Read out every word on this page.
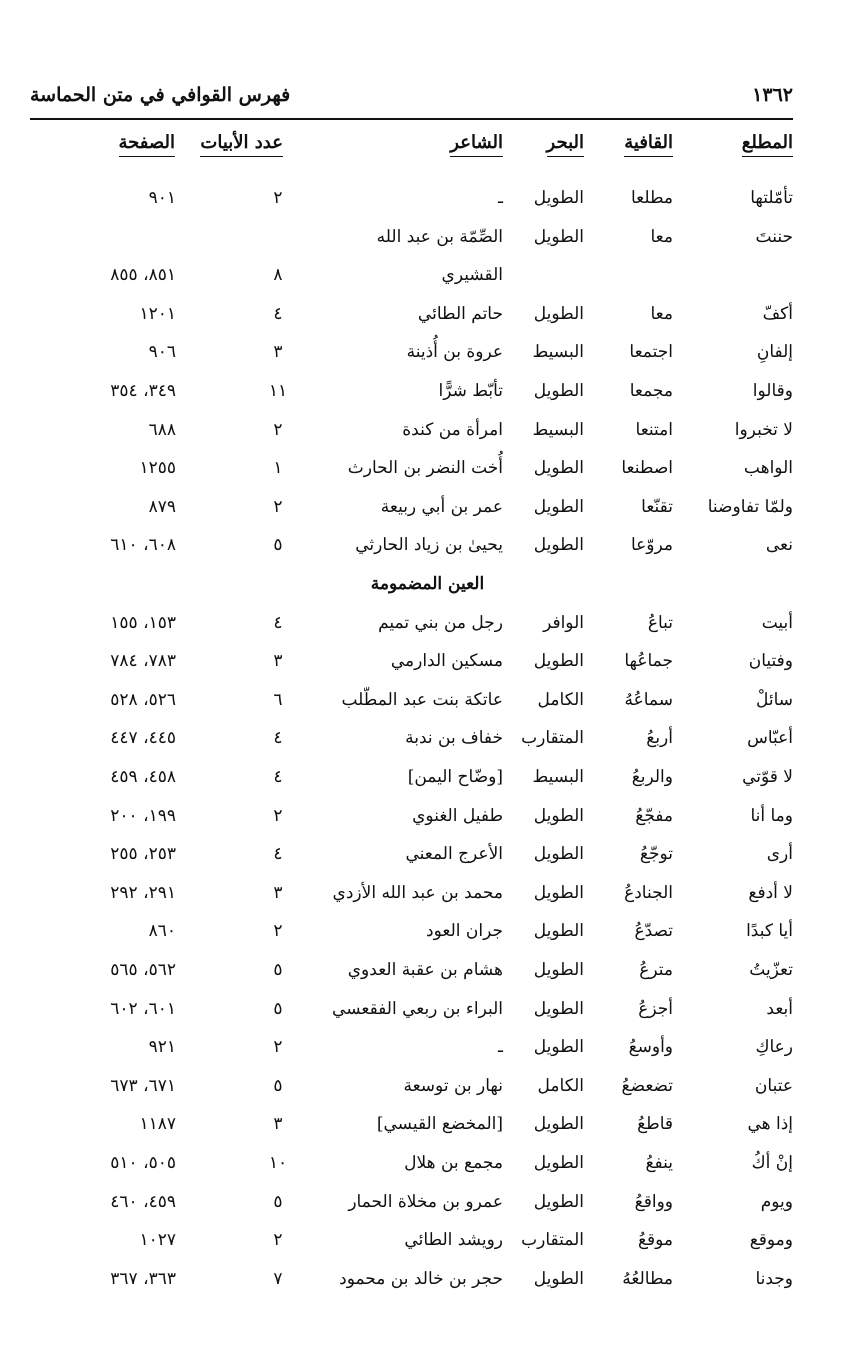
١٣٦٢
فهرس القوافي في متن الحماسة
المطلع
القافية
البحر
الشاعر
عدد الأبيات
الصفحة
تأمّلتها
مطلعا
الطويل
ـ
٢
٩٠١
حننتَ
معا
الطويل
الصِّمّة بن عبد الله
القشيري
٨
٨٥١، ٨٥٥
أكفّ
معا
الطويل
حاتم الطائي
٤
١٢٠١
إلفانِ
اجتمعا
البسيط
عروة بن أُذينة
٣
٩٠٦
وقالوا
مجمعا
الطويل
تأبّط شرًّا
١١
٣٤٩، ٣٥٤
لا تخبروا
امتنعا
البسيط
امرأة من كندة
٢
٦٨٨
الواهب
اصطنعا
الطويل
أُخت النضر بن الحارث
١
١٢٥٥
ولمّا تفاوضنا
تقنّعا
الطويل
عمر بن أبي ربيعة
٢
٨٧٩
نعى
مروّعا
الطويل
يحيىٰ بن زياد الحارثي
٥
٦٠٨، ٦١٠
العين المضمومة
أبيت
تباعُ
الوافر
رجل من بني تميم
٤
١٥٣، ١٥٥
وفتيان
جماعُها
الطويل
مسكين الدارمي
٣
٧٨٣، ٧٨٤
سائلْ
سماعُهُ
الكامل
عاتكة بنت عبد المطّلب
٦
٥٢٦، ٥٢٨
أعبّاس
أربعُ
المتقارب
خفاف بن ندبة
٤
٤٤٥، ٤٤٧
لا قوّتي
والربعُ
البسيط
[وضّاح اليمن]
٤
٤٥٨، ٤٥٩
وما أنا
مفجّعُ
الطويل
طفيل الغنوي
٢
١٩٩، ٢٠٠
أرى
توجّعُ
الطويل
الأعرج المعني
٤
٢٥٣، ٢٥٥
لا أدفع
الجنادعُ
الطويل
محمد بن عبد الله الأزدي
٣
٢٩١، ٢٩٢
أيا كبدًا
تصدّعُ
الطويل
جران العود
٢
٨٦٠
تعزّيتُ
مترعُ
الطويل
هشام بن عقبة العدوي
٥
٥٦٢، ٥٦٥
أبعد
أجزعُ
الطويل
البراء بن ربعي الفقعسي
٥
٦٠١، ٦٠٢
رعاكِ
وأوسعُ
الطويل
ـ
٢
٩٢١
عتبان
تضعضعُ
الكامل
نهار بن توسعة
٥
٦٧١، ٦٧٣
إذا هي
قاطعُ
الطويل
[المخضع القيسي]
٣
١١٨٧
إنْ أكُ
ينفعُ
الطويل
مجمع بن هلال
١٠
٥٠٥، ٥١٠
ويوم
وواقعُ
الطويل
عمرو بن مخلاة الحمار
٥
٤٥٩، ٤٦٠
وموقع
موقعُ
المتقارب
رويشد الطائي
٢
١٠٢٧
وجدنا
مطالعُهُ
الطويل
حجر بن خالد بن محمود
٧
٣٦٣، ٣٦٧
